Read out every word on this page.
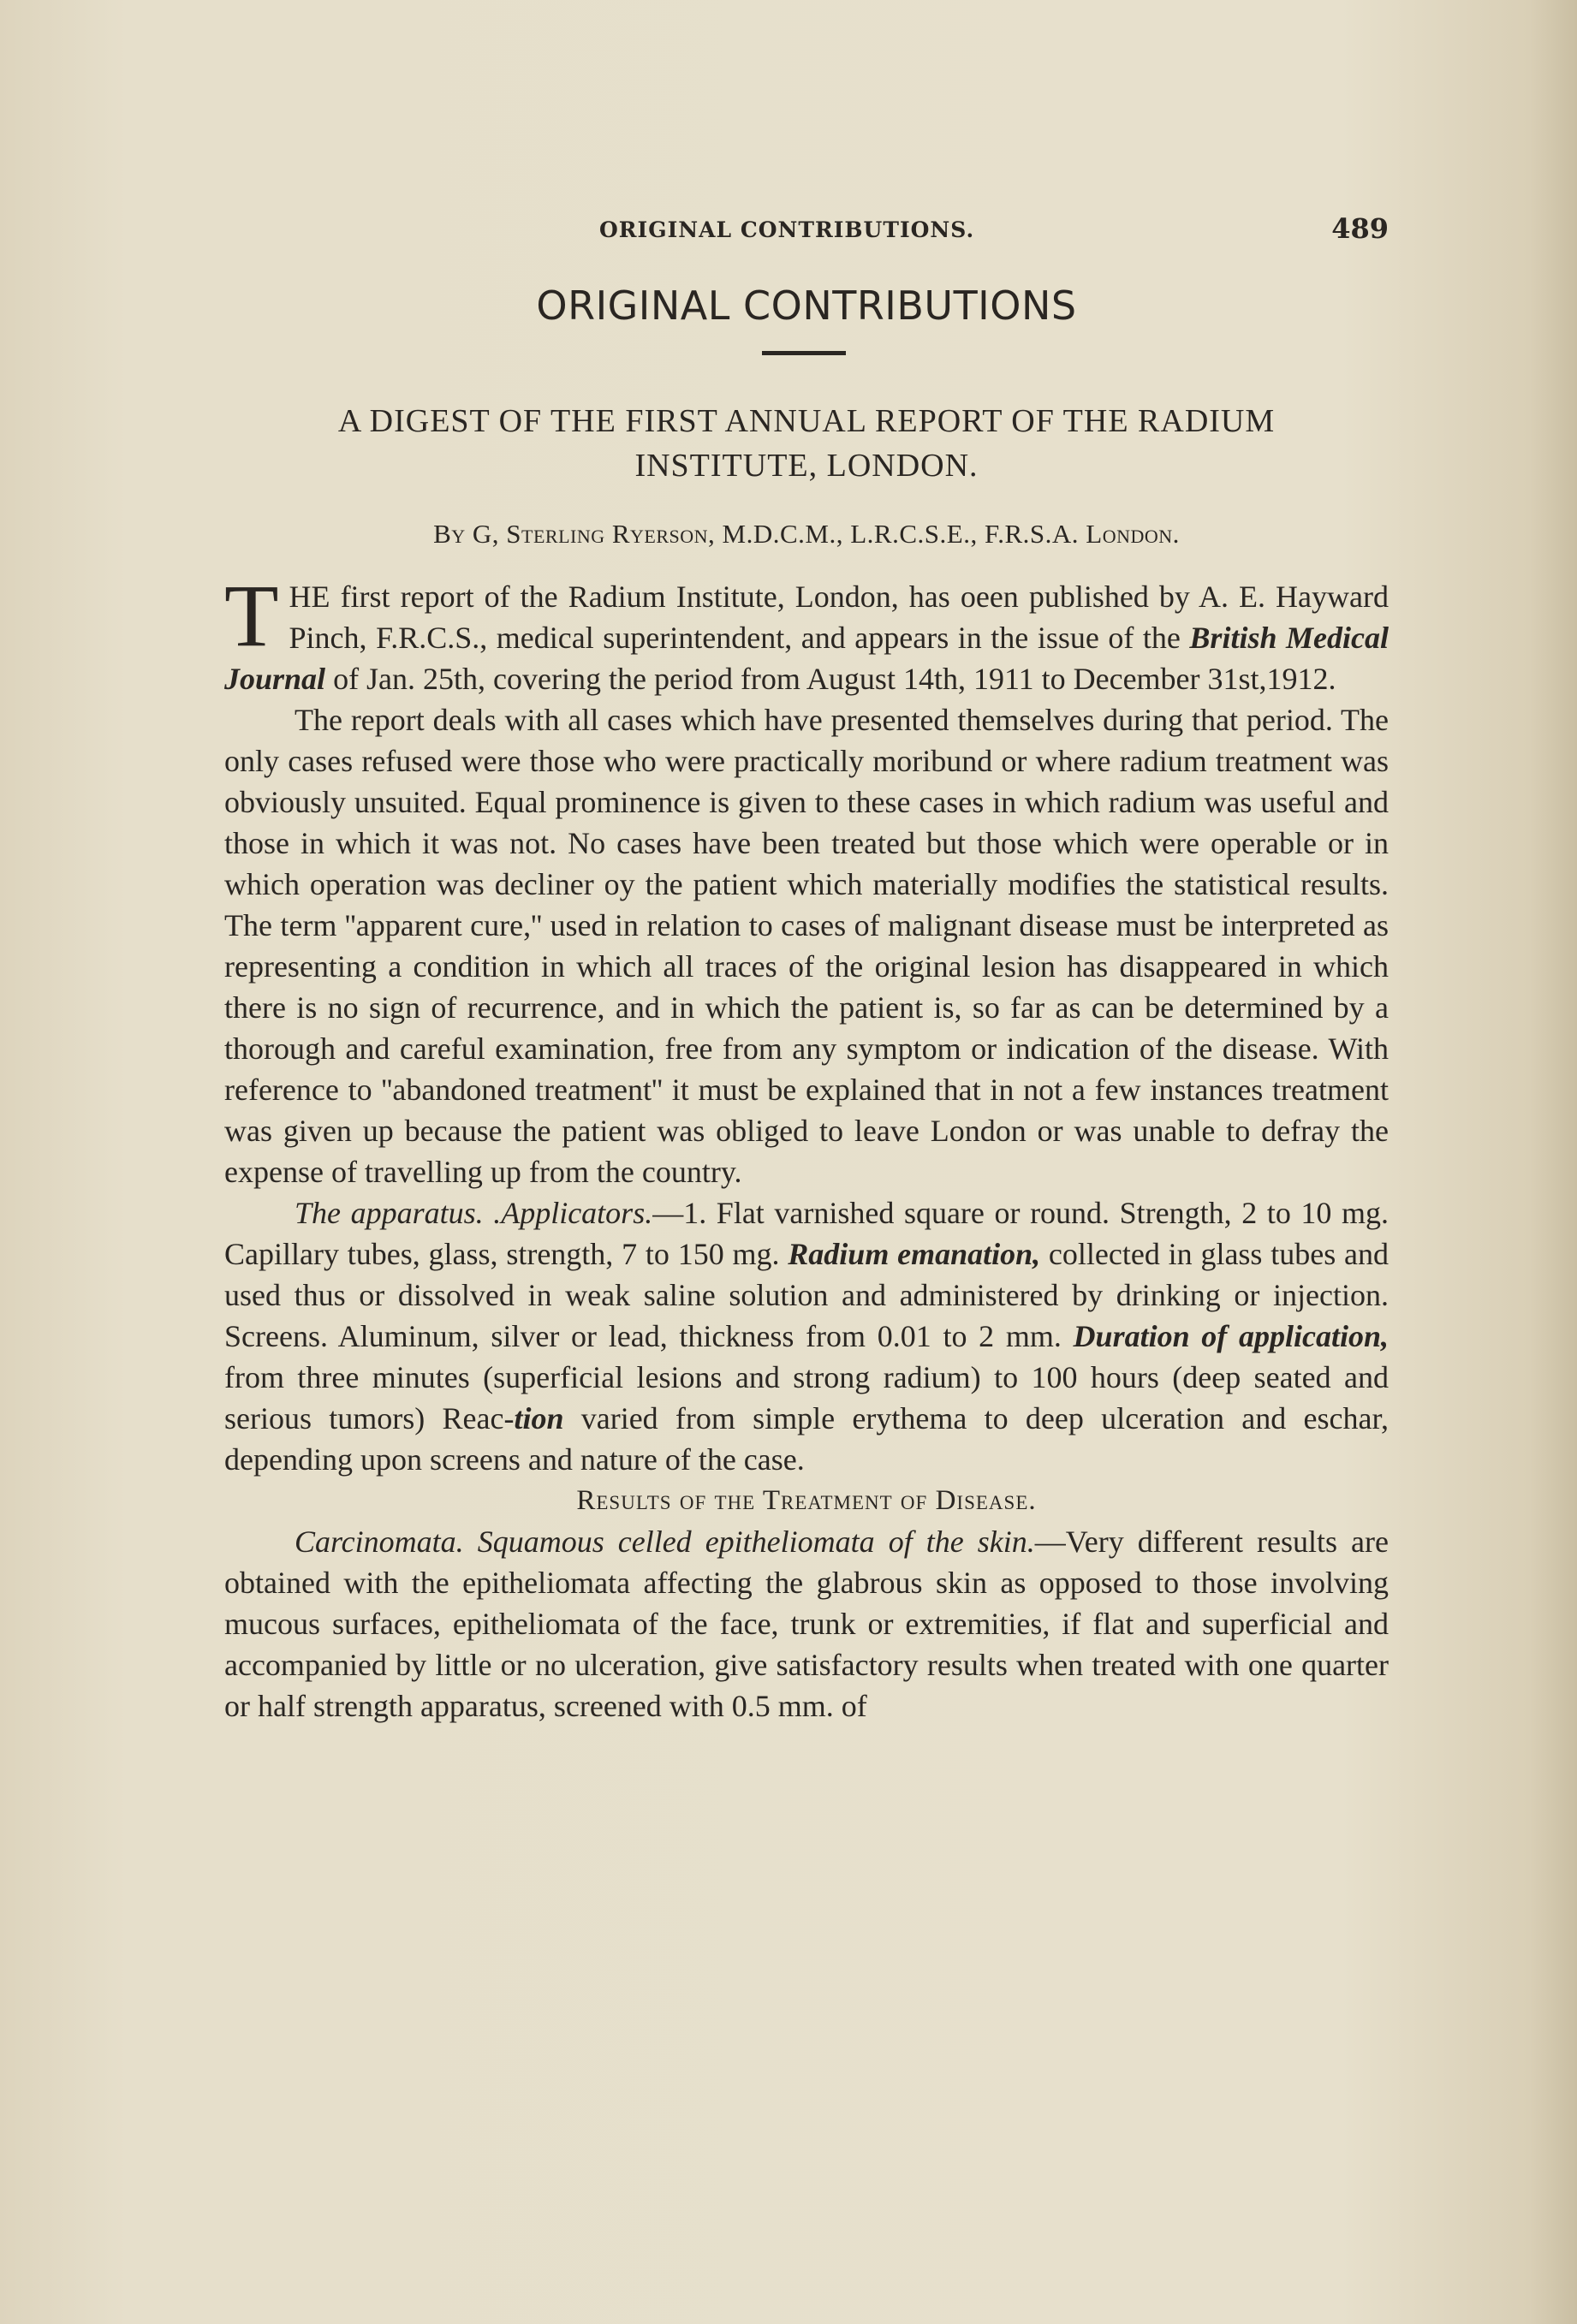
ORIGINAL CONTRIBUTIONS.	489
ORIGINAL CONTRIBUTIONS
A DIGEST OF THE FIRST ANNUAL REPORT OF THE RADIUM
INSTITUTE, LONDON.
By G, Sterling Ryerson, M.D.C.M., L.R.C.S.E., F.R.S.A. London.

THE first report of the Radium Institute, London, has oeen published by A. E. Hayward Pinch, F.R.C.S., medical superintendent, and appears in the issue of the British Medical Journal of Jan. 25th, covering the period from August 14th, 1911 to December 31st,1912.

The report deals with all cases which have presented themselves during that period. The only cases refused were those who were practically moribund or where radium treatment was obviously unsuited. Equal prominence is given to these cases in which radium was useful and those in which it was not. No cases have been treated but those which were operable or in which operation was decliner oy the patient which materially modifies the statistical results. The term ''apparent cure,'' used in relation to cases of malignant disease must be interpreted as representing a condition in which all traces of the original lesion has disappeared in which there is no sign of recurrence, and in which the patient is, so far as can be determined by a thorough and careful examination, free from any symptom or indication of the disease. With reference to ''abandoned treatment'' it must be explained that in not a few instances treatment was given up because the patient was obliged to leave London or was unable to defray the expense of travelling up from the country.

The apparatus. .Applicators.—1. Flat varnished square or round. Strength, 2 to 10 mg. Capillary tubes, glass, strength, 7 to 150 mg. Radium emanation, collected in glass tubes and used thus or dissolved in weak saline solution and administered by drinking or injection. Screens. Aluminum, silver or lead, thickness from 0.01 to 2 mm. Duration of application, from three minutes (superficial lesions and strong radium) to 100 hours (deep seated and serious tumors) Reac-tion varied from simple erythema to deep ulceration and eschar, depending upon screens and nature of the case.

Results of the Treatment of Disease.

Carcinomata. Squamous celled epitheliomata of the skin.—Very different results are obtained with the epitheliomata affecting the glabrous skin as opposed to those involving mucous surfaces, epitheliomata of the face, trunk or extremities, if flat and superficial and accompanied by little or no ulceration, give satisfactory results when treated with one quarter or half strength apparatus, screened with 0.5 mm. of
